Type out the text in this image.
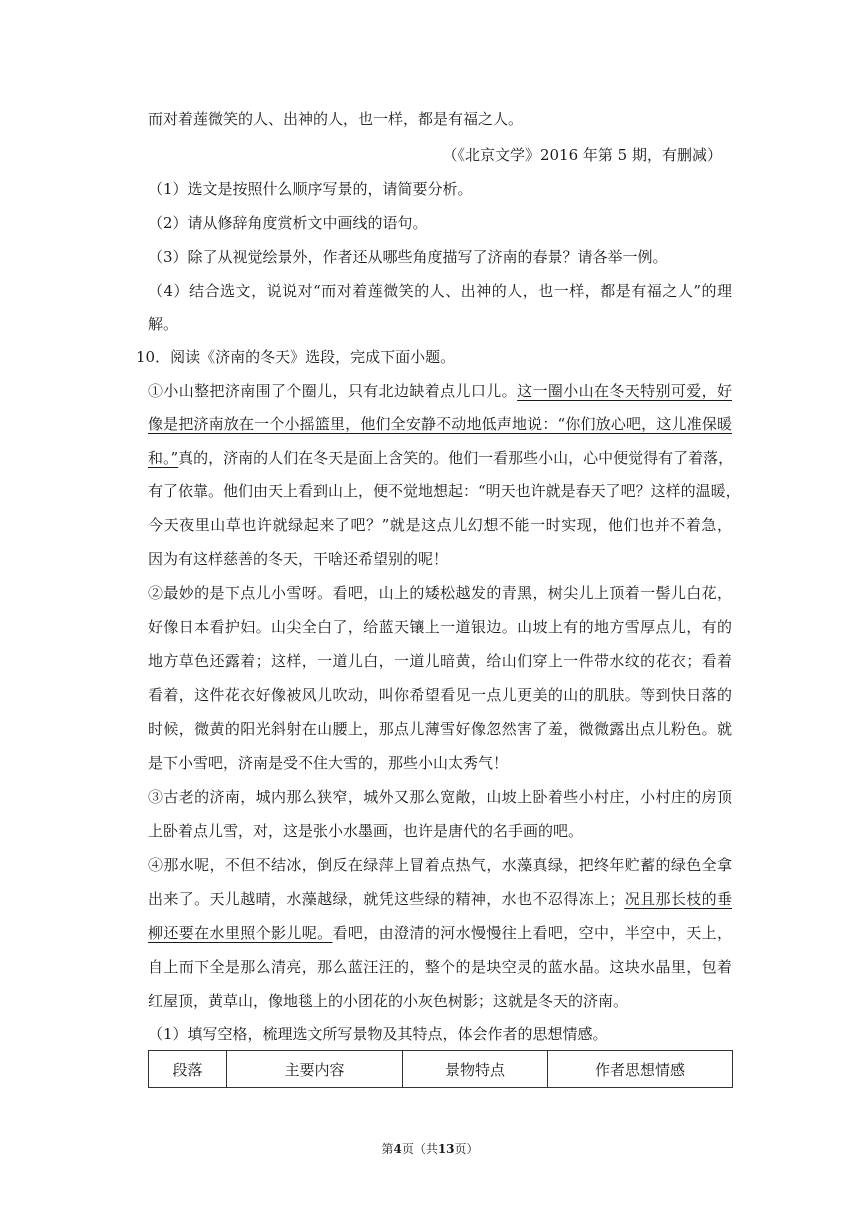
而对着莲微笑的人、出神的人，也一样，都是有福之人。
（《北京文学》2016 年第 5 期，有删减）
（1）选文是按照什么顺序写景的，请简要分析。
（2）请从修辞角度赏析文中画线的语句。
（3）除了从视觉绘景外，作者还从哪些角度描写了济南的春景？请各举一例。
（4）结合选文，说说对“而对着莲微笑的人、出神的人，也一样，都是有福之人”的理
解。
10．阅读《济南的冬天》选段，完成下面小题。
①小山整把济南围了个圈儿，只有北边缺着点儿口儿。这一圈小山在冬天特别可爱，好
像是把济南放在一个小摇篮里，他们全安静不动地低声地说：“你们放心吧，这儿准保暖
和。”真的，济南的人们在冬天是面上含笑的。他们一看那些小山，心中便觉得有了着落，
有了依靠。他们由天上看到山上，便不觉地想起：“明天也许就是春天了吧？这样的温暖，
今天夜里山草也许就绿起来了吧？”就是这点儿幻想不能一时实现，他们也并不着急，
因为有这样慈善的冬天，干啥还希望别的呢！
②最妙的是下点儿小雪呀。看吧，山上的矮松越发的青黑，树尖儿上顶着一髻儿白花，
好像日本看护妇。山尖全白了，给蓝天镶上一道银边。山坡上有的地方雪厚点儿，有的
地方草色还露着；这样，一道儿白，一道儿暗黄，给山们穿上一件带水纹的花衣；看着
看着，这件花衣好像被风儿吹动，叫你希望看见一点儿更美的山的肌肤。等到快日落的
时候，微黄的阳光斜射在山腰上，那点儿薄雪好像忽然害了羞，微微露出点儿粉色。就
是下小雪吧，济南是受不住大雪的，那些小山太秀气！
③古老的济南，城内那么狭窄，城外又那么宽敞，山坡上卧着些小村庄，小村庄的房顶
上卧着点儿雪，对，这是张小水墨画，也许是唐代的名手画的吧。
④那水呢，不但不结冰，倒反在绿萍上冒着点热气，水藻真绿，把终年贮蓄的绿色全拿
出来了。天儿越晴，水藻越绿，就凭这些绿的精神，水也不忍得冻上；况且那长枝的垂
柳还要在水里照个影儿呢。看吧，由澄清的河水慢慢往上看吧，空中，半空中，天上，
自上而下全是那么清亮，那么蓝汪汪的，整个的是块空灵的蓝水晶。这块水晶里，包着
红屋顶，黄草山，像地毯上的小团花的小灰色树影；这就是冬天的济南。
（1）填写空格，梳理选文所写景物及其特点，体会作者的思想情感。
段落	主要内容	景物特点	作者思想情感
第4页（共13页）
